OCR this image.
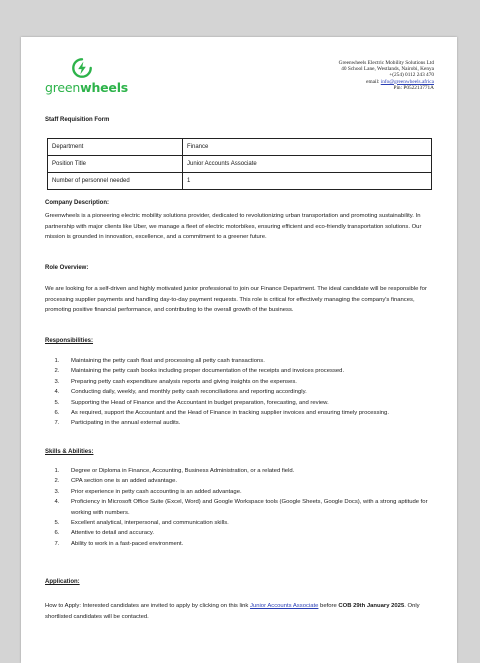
greenwheels
Greenwheels Electric Mobility Solutions Ltd
40 School Lane, Westlands, Nairobi, Kenya
+(254) 0112 243 470
email: info@greenwheels.africa
Pin: P052213771A
Staff Requisition Form
Department	Finance
Position Title	Junior Accounts Associate
Number of personnel needed	1
Company Description:
Greenwheels is a pioneering electric mobility solutions provider, dedicated to revolutionizing urban transportation and promoting sustainability. In partnership with major clients like Uber, we manage a fleet of electric motorbikes, ensuring efficient and eco-friendly transportation solutions. Our mission is grounded in innovation, excellence, and a commitment to a greener future.
Role Overview:
We are looking for a self-driven and highly motivated junior professional to join our Finance Department. The ideal candidate will be responsible for processing supplier payments and handling day-to-day payment requests. This role is critical for effectively managing the company's finances, promoting positive financial performance, and contributing to the overall growth of the business.
Responsibilities:
1. Maintaining the petty cash float and processing all petty cash transactions.
2. Maintaining the petty cash books including proper documentation of the receipts and invoices processed.
3. Preparing petty cash expenditure analysis reports and giving insights on the expenses.
4. Conducting daily, weekly, and monthly petty cash reconciliations and reporting accordingly.
5. Supporting the Head of Finance and the Accountant in budget preparation, forecasting, and review.
6. As required, support the Accountant and the Head of Finance in tracking supplier invoices and ensuring timely processing.
7. Participating in the annual external audits.
Skills & Abilities:
1. Degree or Diploma in Finance, Accounting, Business Administration, or a related field.
2. CPA section one is an added advantage.
3. Prior experience in petty cash accounting is an added advantage.
4. Proficiency in Microsoft Office Suite (Excel, Word) and Google Workspace tools (Google Sheets, Google Docs), with a strong aptitude for working with numbers.
5. Excellent analytical, interpersonal, and communication skills.
6. Attentive to detail and accuracy.
7. Ability to work in a fast-paced environment.
Application:
How to Apply: Interested candidates are invited to apply by clicking on this link Junior Accounts Associate before COB 29th January 2025. Only shortlisted candidates will be contacted.
